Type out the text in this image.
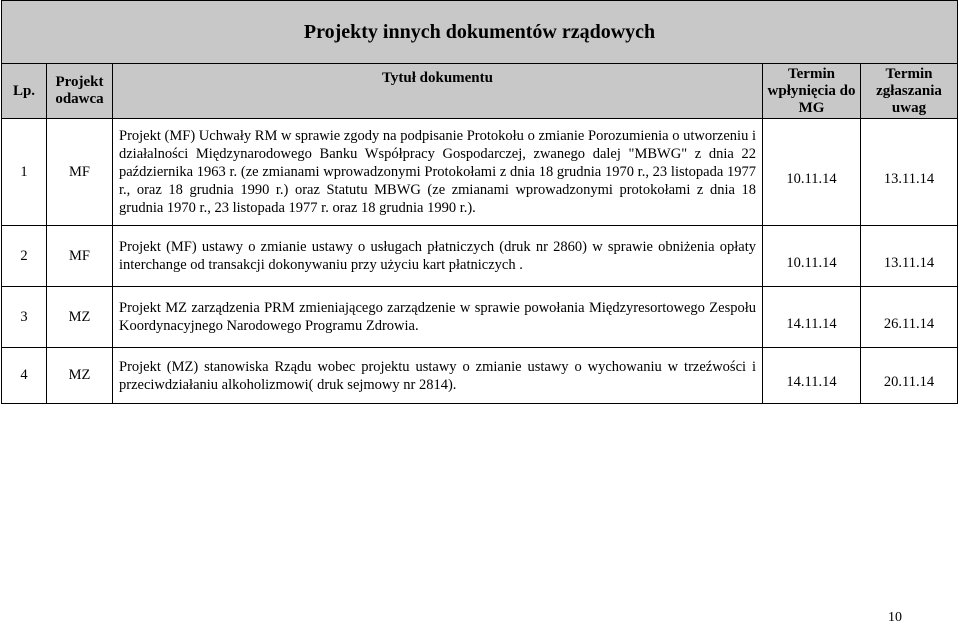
Projekty innych dokumentów rządowych				
Lp.	Projekt odawca	Tytuł dokumentu	Termin wpłynięcia do MG	Termin zgłaszania uwag
1	MF	Projekt (MF) Uchwały RM w sprawie zgody na podpisanie Protokołu o zmianie Porozumienia o utworzeniu i działalności Międzynarodowego Banku Współpracy Gospodarczej, zwanego dalej "MBWG" z dnia 22 października 1963 r. (ze zmianami wprowadzonymi Protokołami z dnia 18 grudnia 1970 r., 23 listopada 1977 r., oraz 18 grudnia 1990 r.) oraz Statutu MBWG (ze zmianami wprowadzonymi protokołami z dnia 18 grudnia 1970 r., 23 listopada 1977 r. oraz 18 grudnia 1990 r.).	10.11.14	13.11.14
2	MF	Projekt (MF) ustawy o zmianie ustawy o usługach płatniczych (druk nr 2860) w sprawie obniżenia opłaty interchange od transakcji dokonywaniu przy użyciu kart płatniczych .	10.11.14	13.11.14
3	MZ	Projekt MZ zarządzenia PRM zmieniającego zarządzenie w sprawie powołania Międzyresortowego Zespołu Koordynacyjnego Narodowego Programu Zdrowia.	14.11.14	26.11.14
4	MZ	Projekt (MZ) stanowiska Rządu wobec projektu ustawy o zmianie ustawy o wychowaniu w trzeźwości i przeciwdziałaniu alkoholizmowi( druk sejmowy nr 2814).	14.11.14	20.11.14
10
